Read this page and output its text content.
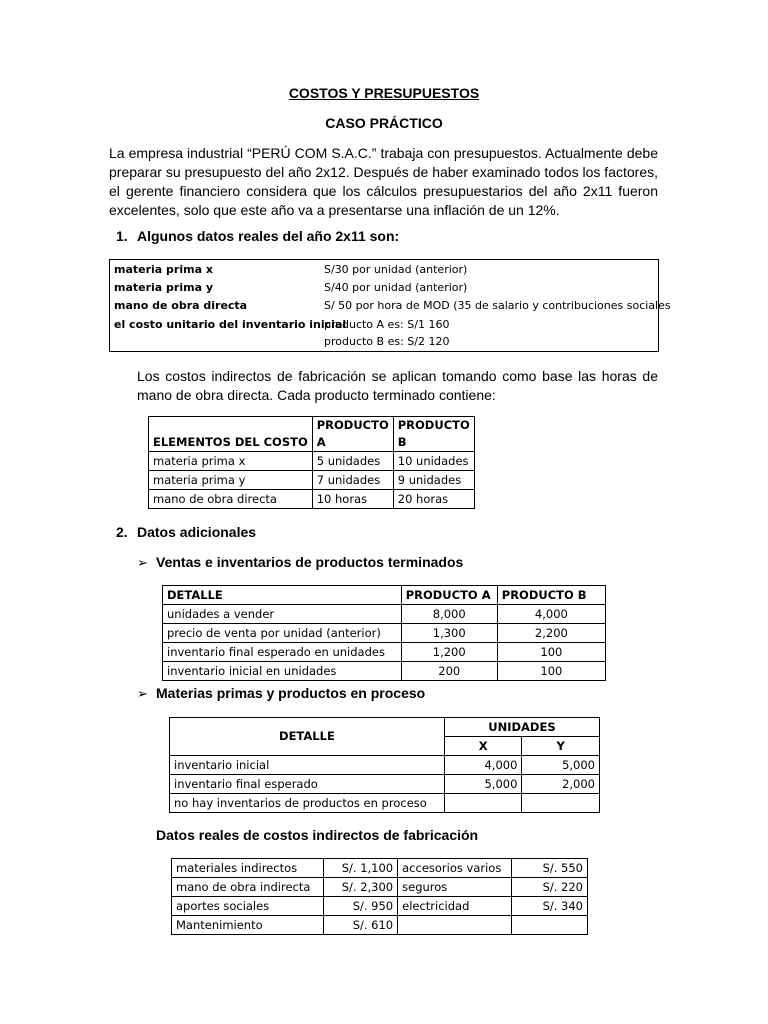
COSTOS Y PRESUPUESTOS
CASO PRÁCTICO
La empresa industrial “PERÚ COM S.A.C.” trabaja con presupuestos. Actualmente debe preparar su presupuesto del año 2x12. Después de haber examinado todos los factores, el gerente financiero considera que los cálculos presupuestarios del año 2x11 fueron excelentes, solo que este año va a presentarse una inflación de un 12%.
1. Algunos datos reales del año 2x11 son:
materia prima x	S/30 por unidad (anterior)
materia prima y	S/40 por unidad (anterior)
mano de obra directa	S/ 50 por hora de MOD (35 de salario y contribuciones sociales
el costo unitario del inventario inicial
producto A es: S/1 160
producto B es: S/2 120
Los costos indirectos de fabricación se aplican tomando como base las horas de mano de obra directa. Cada producto terminado contiene:
ELEMENTOS DEL COSTO	PRODUCTO A	PRODUCTO B
materia prima x	5 unidades	10 unidades
materia prima y	7 unidades	9 unidades
mano de obra directa	10 horas	20 horas
2. Datos adicionales
➢ Ventas e inventarios de productos terminados
DETALLE	PRODUCTO A	PRODUCTO B
unidades a vender	8,000	4,000
precio de venta por unidad (anterior)	1,300	2,200
inventario final esperado en unidades	1,200	100
inventario inicial en unidades	200	100
➢ Materias primas y productos en proceso
DETALLE	UNIDADES	
	X	Y
inventario inicial	4,000	5,000
inventario final esperado	5,000	2,000
no hay inventarios de productos en proceso		
Datos reales de costos indirectos de fabricación
materiales indirectos	S/. 1,100	accesorios varios	S/. 550
mano de obra indirecta	S/. 2,300	seguros	S/. 220
aportes sociales	S/. 950	electricidad	S/. 340
Mantenimiento	S/. 610		
